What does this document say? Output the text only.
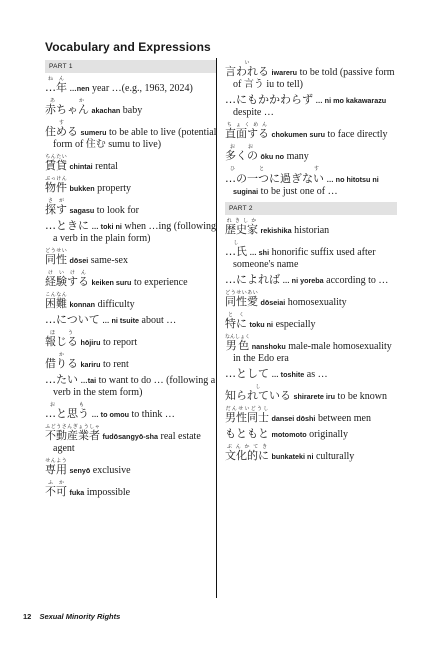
Vocabulary and Expressions
PART 1
…年ねん …nen year …(e.g., 1963, 2024)
赤ちゃんあか akachan baby
住めるす sumeru to be able to live (potential form of 住む sumu to live)
賃貸ちんたい chintai rental
物件ぶっけん bukken property
探すさが sagasu to look for
…ときに … toki ni when …ing (following a verb in the plain form)
同性どうせい dōsei same-sex
経験するけいけん keiken suru to experience
困難こんなん konnan difficulty
…について … ni tsuite about …
報じるほう hōjiru to report
借りるか kariru to rent
…たい …tai to want to do … (following a verb in the stem form)
…と思うおも … to omou to think …
不動産業者ふどうさんぎょうしゃ fudōsangyō-sha real estate agent
専用せんよう senyō exclusive
不可ふか fuka impossible
言われるい iwareru to be told (passive form of 言う iu to tell)
…にもかかわらず … ni mo kakawarazu despite …
直面するちょくめん chokumen suru to face directly
多くのおお ōku no many
…の一つに過ぎないひと す … no hitotsu ni suginai to be just one of …
PART 2
歴史家れきしか rekishika historian
…氏し … shi honorific suffix used after someone's name
…によれば … ni yoreba according to …
同性愛どうせいあい dōseiai homosexuality
特にとく toku ni especially
男色なんしょく nanshoku male-male homosexuality in the Edo era
…として … toshite as …
知られているし shirarete iru to be known
男性同士だんせいどうし dansei dōshi between men
もともと motomoto originally
文化的にぶんかてき bunkateki ni culturally
12 Sexual Minority Rights
